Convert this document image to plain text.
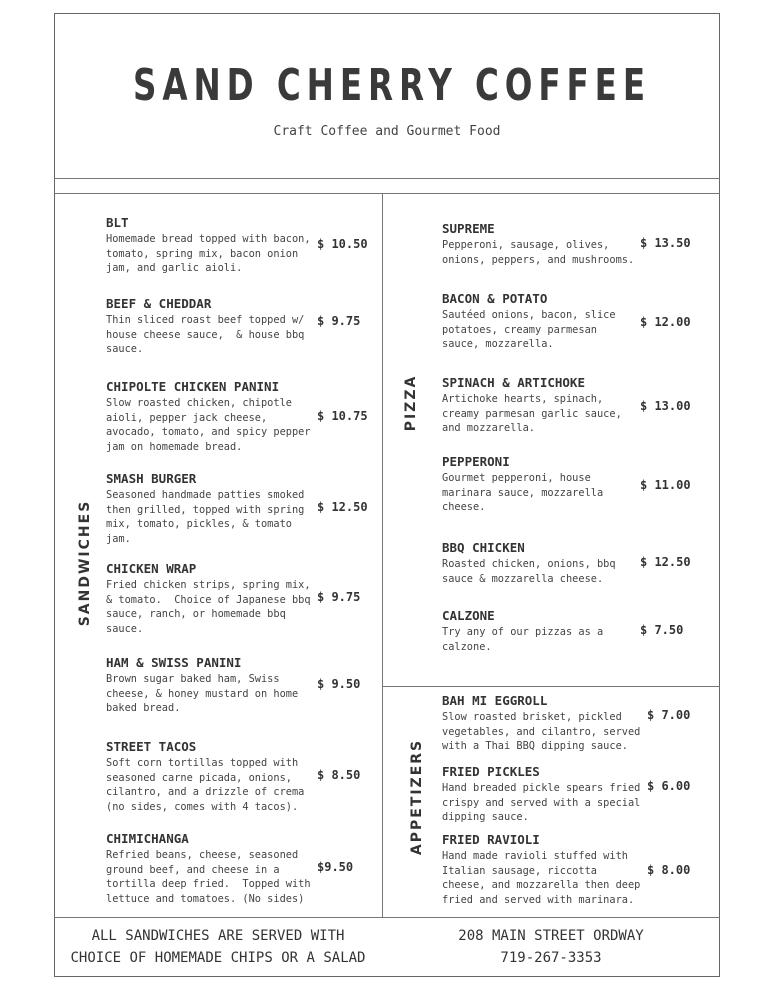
SAND CHERRY COFFEE
Craft Coffee and Gourmet Food
SANDWICHES
PIZZA
APPETIZERS
BLT
Homemade bread topped with bacon,
tomato, spring mix, bacon onion
jam, and garlic aioli.
$ 10.50
BEEF & CHEDDAR
Thin sliced roast beef topped w/
house cheese sauce,  & house bbq
sauce.
$ 9.75
CHIPOLTE CHICKEN PANINI
Slow roasted chicken, chipotle
aioli, pepper jack cheese,
avocado, tomato, and spicy pepper
jam on homemade bread.
$ 10.75
SMASH BURGER
Seasoned handmade patties smoked
then grilled, topped with spring
mix, tomato, pickles, & tomato
jam.
$ 12.50
CHICKEN WRAP
Fried chicken strips, spring mix,
& tomato.  Choice of Japanese bbq
sauce, ranch, or homemade bbq
sauce.
$ 9.75
HAM & SWISS PANINI
Brown sugar baked ham, Swiss
cheese, & honey mustard on home
baked bread.
$ 9.50
STREET TACOS
Soft corn tortillas topped with
seasoned carne picada, onions,
cilantro, and a drizzle of crema
(no sides, comes with 4 tacos).
$ 8.50
CHIMICHANGA
Refried beans, cheese, seasoned
ground beef, and cheese in a
tortilla deep fried.  Topped with
lettuce and tomatoes. (No sides)
$9.50
SUPREME
Pepperoni, sausage, olives,
onions, peppers, and mushrooms.
$ 13.50
BACON & POTATO
Sautéed onions, bacon, slice
potatoes, creamy parmesan
sauce, mozzarella.
$ 12.00
SPINACH & ARTICHOKE
Artichoke hearts, spinach,
creamy parmesan garlic sauce,
and mozzarella.
$ 13.00
PEPPERONI
Gourmet pepperoni, house
marinara sauce, mozzarella
cheese.
$ 11.00
BBQ CHICKEN
Roasted chicken, onions, bbq
sauce & mozzarella cheese.
$ 12.50
CALZONE
Try any of our pizzas as a
calzone.
$ 7.50
BAH MI EGGROLL
Slow roasted brisket, pickled
vegetables, and cilantro, served
with a Thai BBQ dipping sauce.
$ 7.00
FRIED PICKLES
Hand breaded pickle spears fried
crispy and served with a special
dipping sauce.
$ 6.00
FRIED RAVIOLI
Hand made ravioli stuffed with
Italian sausage, riccotta
cheese, and mozzarella then deep
fried and served with marinara.
$ 8.00
ALL SANDWICHES ARE SERVED WITH
CHOICE OF HOMEMADE CHIPS OR A SALAD
208 MAIN STREET ORDWAY
719-267-3353
